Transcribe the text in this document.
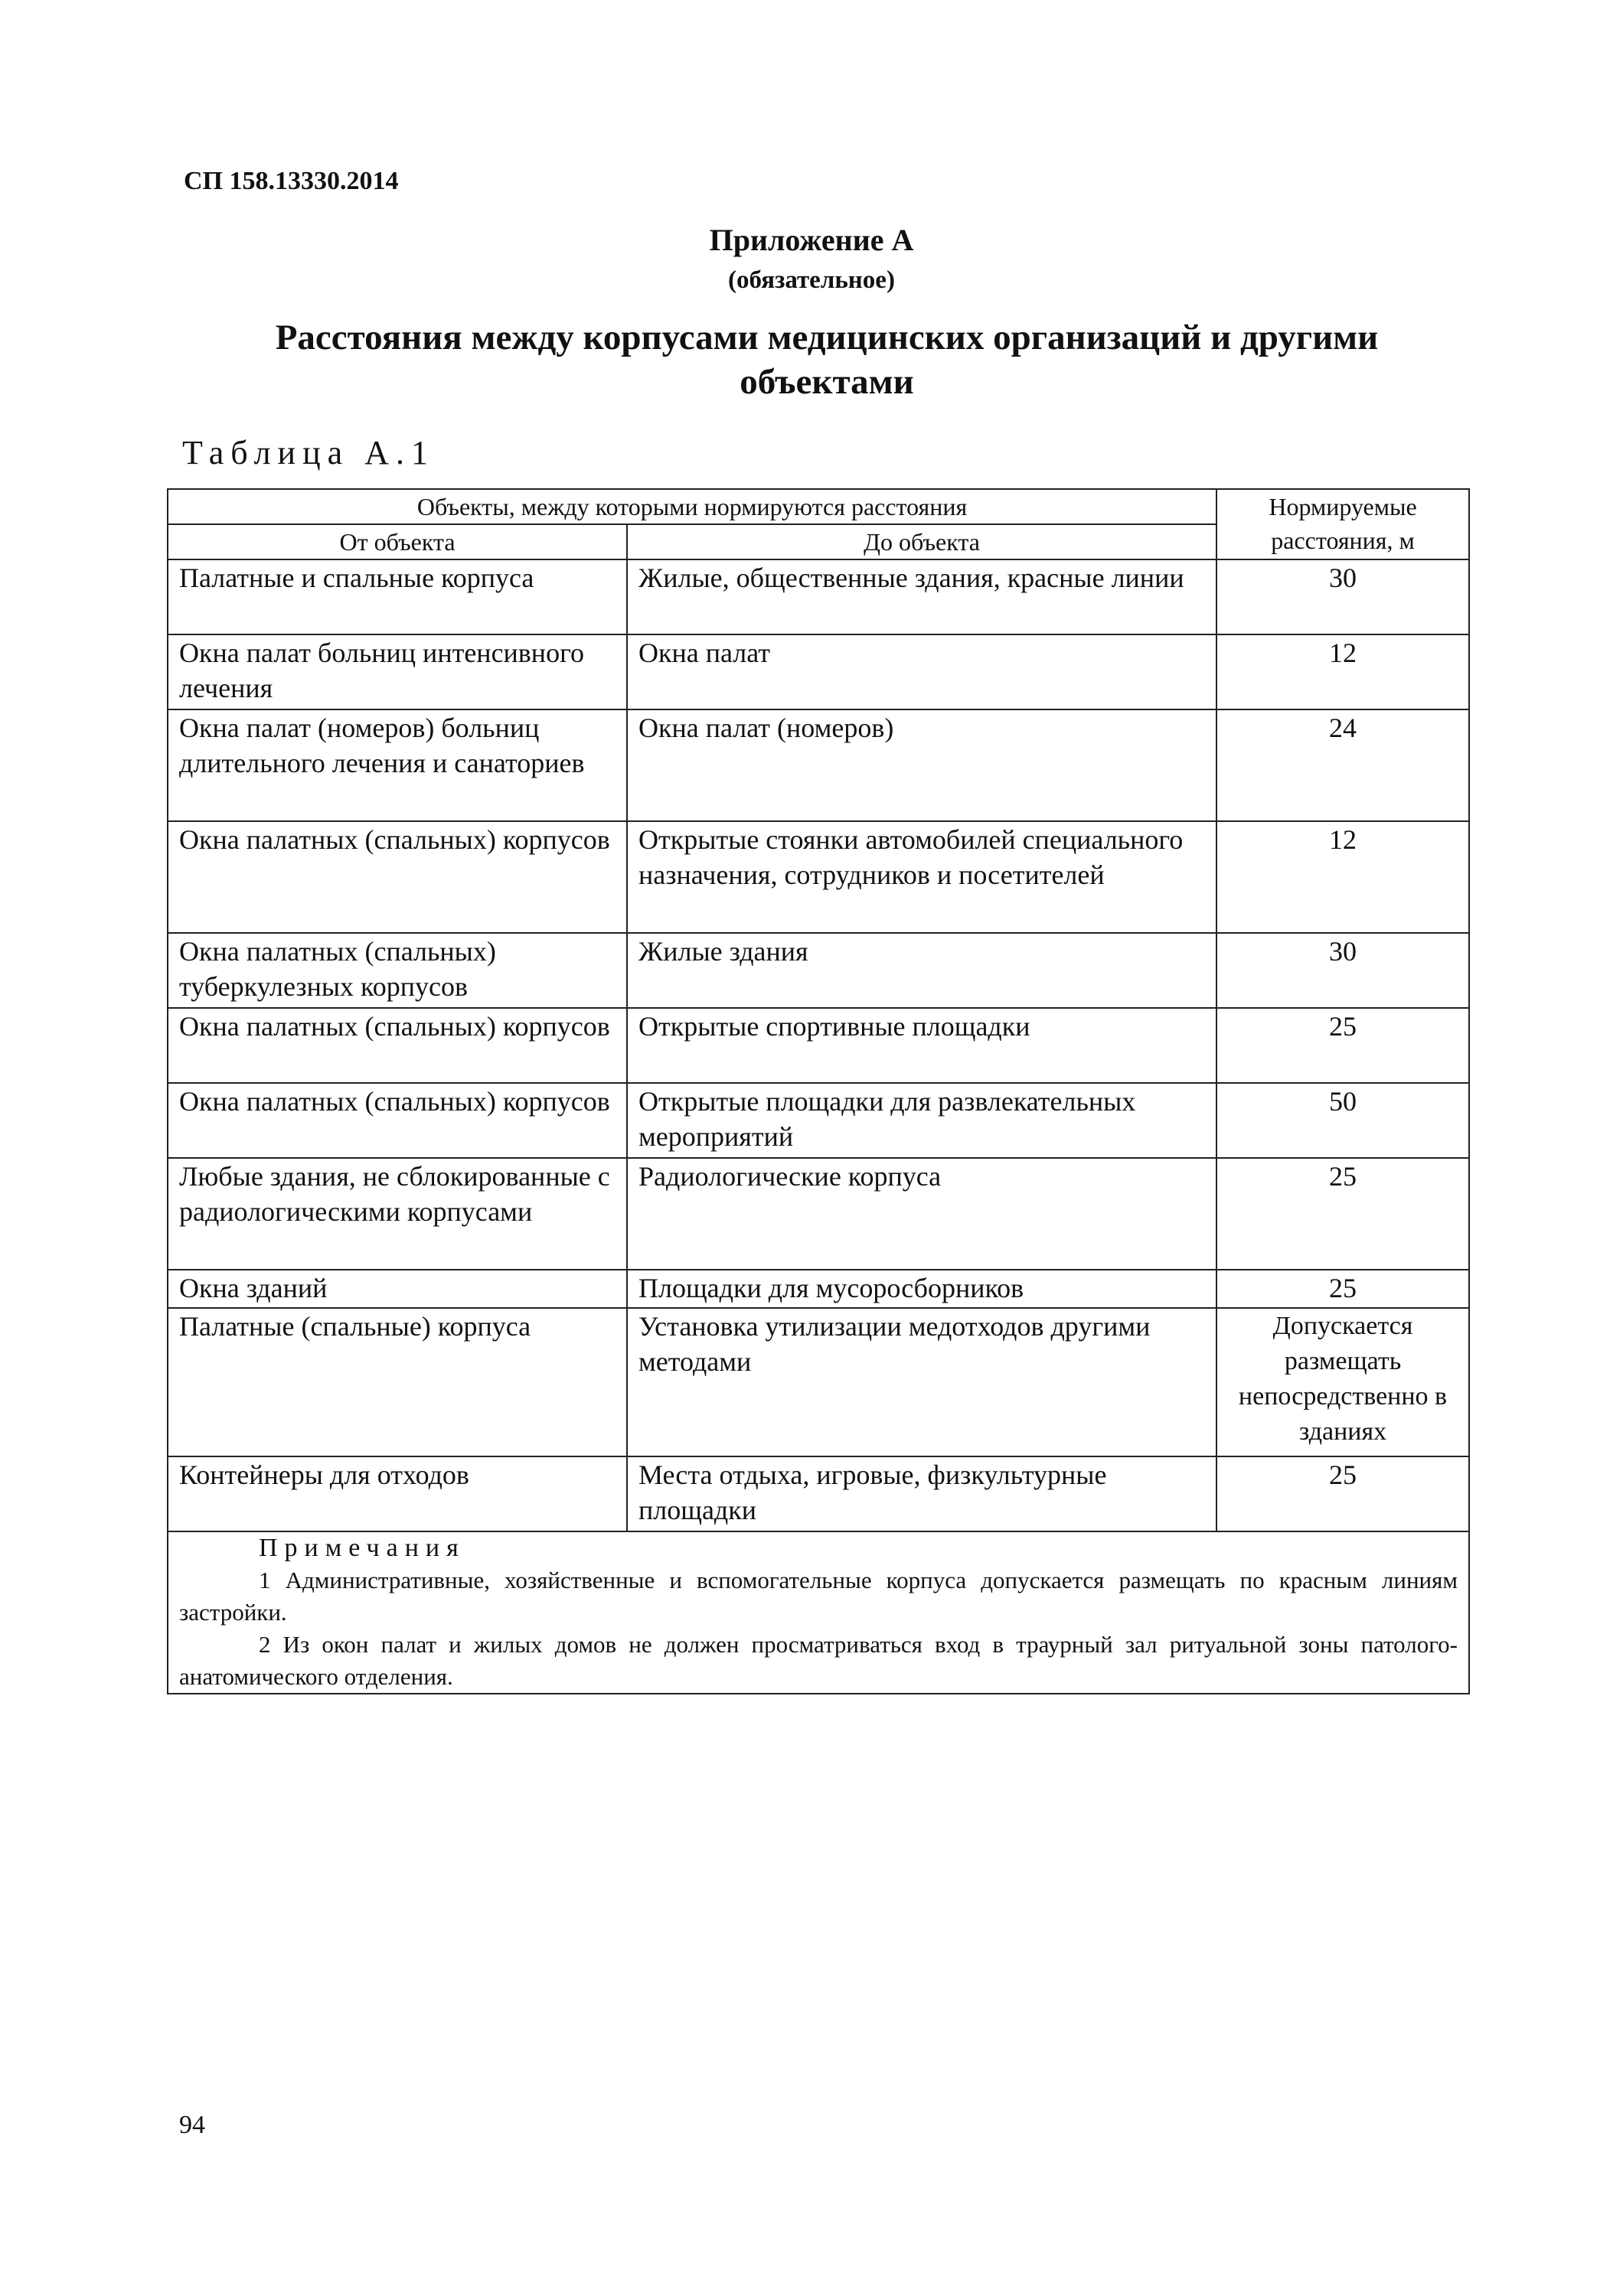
СП 158.13330.2014
Приложение А
(обязательное)
Расстояния между корпусами медицинских организаций и другими
объектами
Таблица А.1
Объекты, между которыми нормируются расстояния		Нормируемые расстояния, м
От объекта	До объекта	
Палатные и спальные корпуса	Жилые, общественные здания, красные линии	30
Окна палат больниц интенсивного лечения	Окна палат	12
Окна палат (номеров) больниц длительного лечения и санаториев	Окна палат (номеров)	24
Окна палатных (спальных) корпусов	Открытые стоянки автомобилей специального назначения, сотрудников и посетителей	12
Окна палатных (спальных) туберкулезных корпусов	Жилые здания	30
Окна палатных (спальных) корпусов	Открытые спортивные площадки	25
Окна палатных (спальных) корпусов	Открытые площадки для развлекательных мероприятий	50
Любые здания, не сблокированные с радиологическими корпусами	Радиологические корпуса	25
Окна зданий	Площадки для мусоросборников	25
Палатные (спальные) корпуса	Установка утилизации медотходов другими методами	Допускается размещать непосредственно в зданиях
Контейнеры для отходов	Места отдыха, игровые, физкультурные площадки	25

Примечания
1 Административные, хозяйственные и вспомогательные корпуса допускается размещать по красным линиям застройки.
2 Из окон палат и жилых домов не должен просматриваться вход в траурный зал ритуальной зоны патолого-анатомического отделения.		
94
